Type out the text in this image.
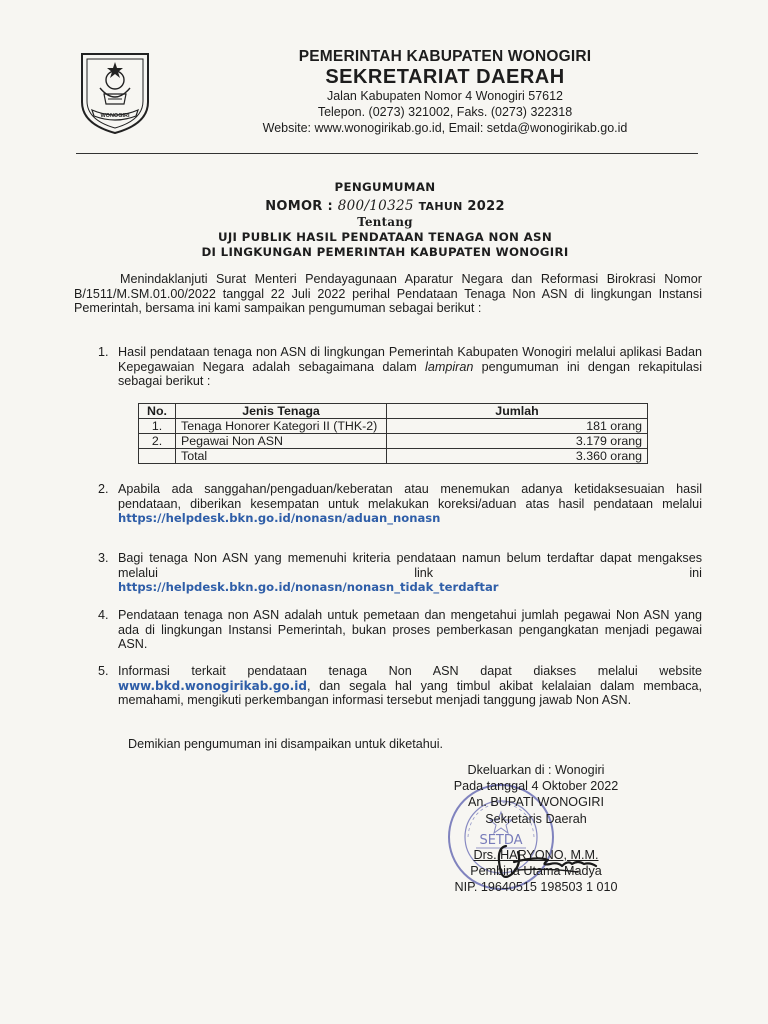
WONOGIRI
PEMERINTAH KABUPATEN WONOGIRI
SEKRETARIAT DAERAH
Jalan Kabupaten Nomor 4 Wonogiri 57612
Telepon. (0273) 321002, Faks. (0273) 322318
Website: www.wonogirikab.go.id, Email: setda@wonogirikab.go.id
PENGUMUMAN
NOMOR : 800/10325 TAHUN 2022
Tentang
UJI PUBLIK HASIL PENDATAAN TENAGA NON ASN
DI LINGKUNGAN PEMERINTAH KABUPATEN WONOGIRI
Menindaklanjuti Surat Menteri Pendayagunaan Aparatur Negara dan Reformasi Birokrasi Nomor B/1511/M.SM.01.00/2022 tanggal 22 Juli 2022 perihal Pendataan Tenaga Non ASN di lingkungan Instansi Pemerintah, bersama ini kami sampaikan pengumuman sebagai berikut :
1. Hasil pendataan tenaga non ASN di lingkungan Pemerintah Kabupaten Wonogiri melalui aplikasi Badan Kepegawaian Negara adalah sebagaimana dalam lampiran pengumuman ini dengan rekapitulasi sebagai berikut :
No.	Jenis Tenaga	Jumlah
1.	Tenaga Honorer Kategori II (THK-2)	181 orang
2.	Pegawai Non ASN	3.179 orang
	Total	3.360 orang
2. Apabila ada sanggahan/pengaduan/keberatan atau menemukan adanya ketidaksesuaian hasil pendataan, diberikan kesempatan untuk melakukan koreksi/aduan atas hasil pendataan melalui
https://helpdesk.bkn.go.id/nonasn/aduan_nonasn
3. Bagi tenaga Non ASN yang memenuhi kriteria pendataan namun belum terdaftar dapat mengakses melalui link ini
https://helpdesk.bkn.go.id/nonasn/nonasn_tidak_terdaftar
4. Pendataan tenaga non ASN adalah untuk pemetaan dan mengetahui jumlah pegawai Non ASN yang ada di lingkungan Instansi Pemerintah, bukan proses pemberkasan pengangkatan menjadi pegawai ASN.
5. Informasi terkait pendataan tenaga Non ASN dapat diakses melalui website www.bkd.wonogirikab.go.id, dan segala hal yang timbul akibat kelalaian dalam membaca, memahami, mengikuti perkembangan informasi tersebut menjadi tanggung jawab Non ASN.
Demikian pengumuman ini disampaikan untuk diketahui.
SETDA
Dkeluarkan di : Wonogiri
Pada tanggal 4 Oktober 2022
An. BUPATI WONOGIRI
Sekretaris Daerah
Drs. HARYONO, M.M.
Pembina Utama Madya
NIP. 19640515 198503 1 010
